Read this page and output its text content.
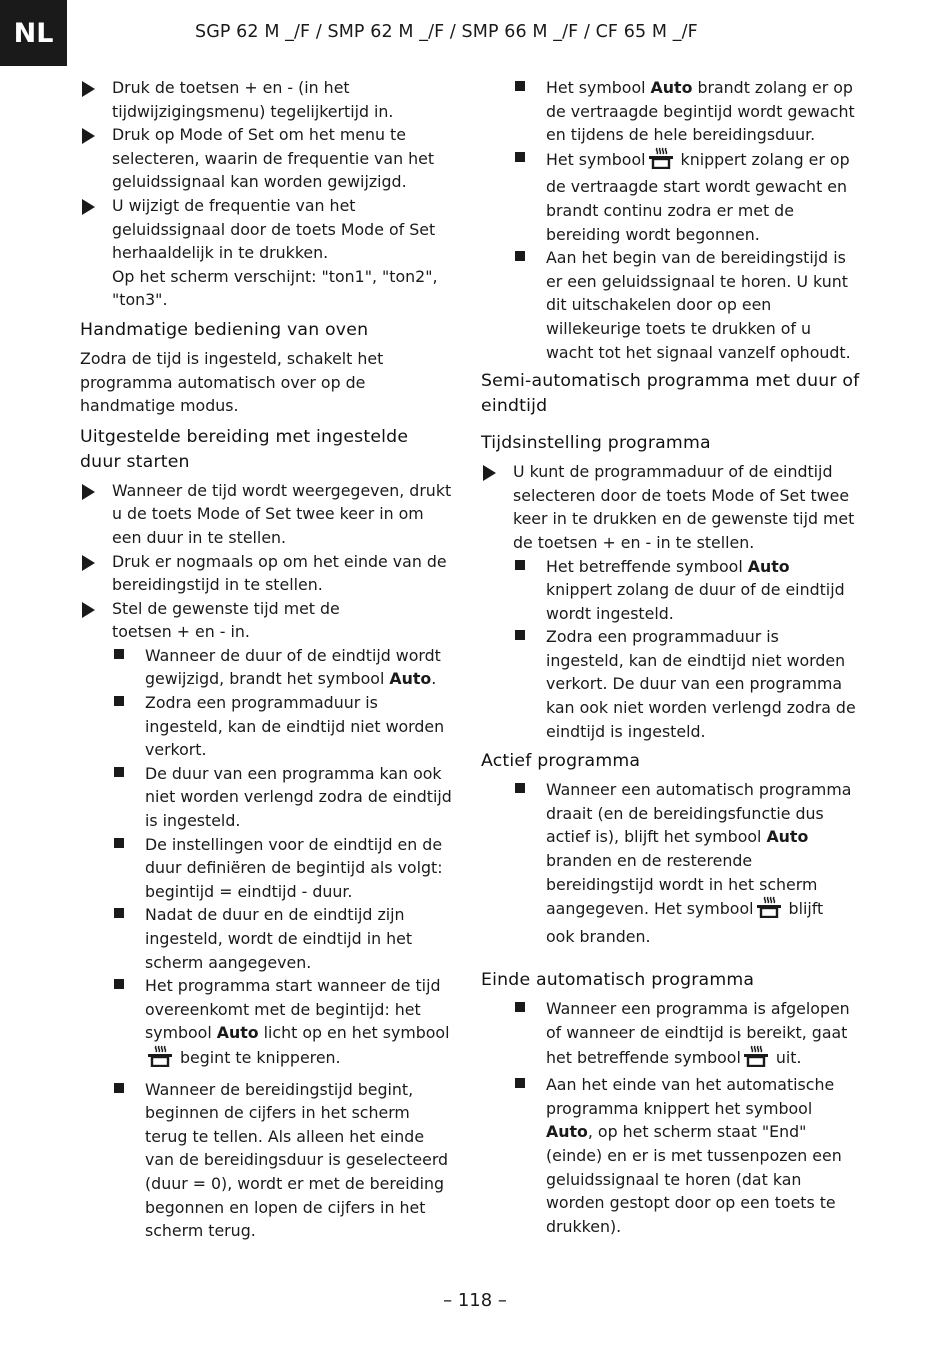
NL	SGP 62 M _/F / SMP 62 M _/F / SMP 66 M _/F / CF 65 M _/F

Druk de toetsen + en - (in het tijdwijzigingsmenu) tegelijkertijd in.

Druk op Mode of Set om het menu te selecteren, waarin de frequentie van het geluidssignaal kan worden gewijzigd.

U wijzigt de frequentie van het geluidssignaal door de toets Mode of Set herhaaldelijk in te drukken.

Op het scherm verschijnt: "ton1", "ton2", "ton3".

Handmatige bediening van oven

Zodra de tijd is ingesteld, schakelt het programma automatisch over op de handmatige modus.

Uitgestelde bereiding met ingestelde duur starten

Wanneer de tijd wordt weergegeven, drukt u de toets Mode of Set twee keer in om een duur in te stellen.

Druk er nogmaals op om het einde van de bereidingstijd in te stellen.

Stel de gewenste tijd met de toetsen + en - in.

Wanneer de duur of de eindtijd wordt gewijzigd, brandt het symbool Auto.

Zodra een programmaduur is ingesteld, kan de eindtijd niet worden verkort.

De duur van een programma kan ook niet worden verlengd zodra de eindtijd is ingesteld.

De instellingen voor de eindtijd en de duur definiëren de begintijd als volgt: begintijd = eindtijd - duur.

Nadat de duur en de eindtijd zijn ingesteld, wordt de eindtijd in het scherm aangegeven.

Het programma start wanneer de tijd overeenkomt met de begintijd: het symbool Auto licht op en het symbool
begint te knipperen.

Wanneer de bereidingstijd begint, beginnen de cijfers in het scherm terug te tellen. Als alleen het einde van de bereidingsduur is geselecteerd (duur = 0), wordt er met de bereiding begonnen en lopen de cijfers in het scherm terug.

Het symbool Auto brandt zolang er op de vertraagde begintijd wordt gewacht en tijdens de hele bereidingsduur.

Het symbool knippert zolang er op de vertraagde start wordt gewacht en brandt continu zodra er met de bereiding wordt begonnen.

Aan het begin van de bereidingstijd is er een geluidssignaal te horen. U kunt dit uitschakelen door op een willekeurige toets te drukken of u wacht tot het signaal vanzelf ophoudt.

Semi-automatisch programma met duur of eindtijd
Tijdsinstelling programma

U kunt de programmaduur of de eindtijd selecteren door de toets Mode of Set twee keer in te drukken en de gewenste tijd met de toetsen + en - in te stellen.

Het betreffende symbool Auto knippert zolang de duur of de eindtijd wordt ingesteld.

Zodra een programmaduur is ingesteld, kan de eindtijd niet worden verkort. De duur van een programma kan ook niet worden verlengd zodra de eindtijd is ingesteld.

Actief programma

Wanneer een automatisch programma draait (en de bereidingsfunctie dus actief is), blijft het symbool Auto branden en de resterende bereidingstijd wordt in het scherm aangegeven. Het symbool blijft ook branden.

Einde automatisch programma

Wanneer een programma is afgelopen of wanneer de eindtijd is bereikt, gaat het betreffende symbool uit.

Aan het einde van het automatische programma knippert het symbool Auto, op het scherm staat "End" (einde) en er is met tussenpozen een geluidssignaal te horen (dat kan worden gestopt door op een toets te drukken).

– 118 –
